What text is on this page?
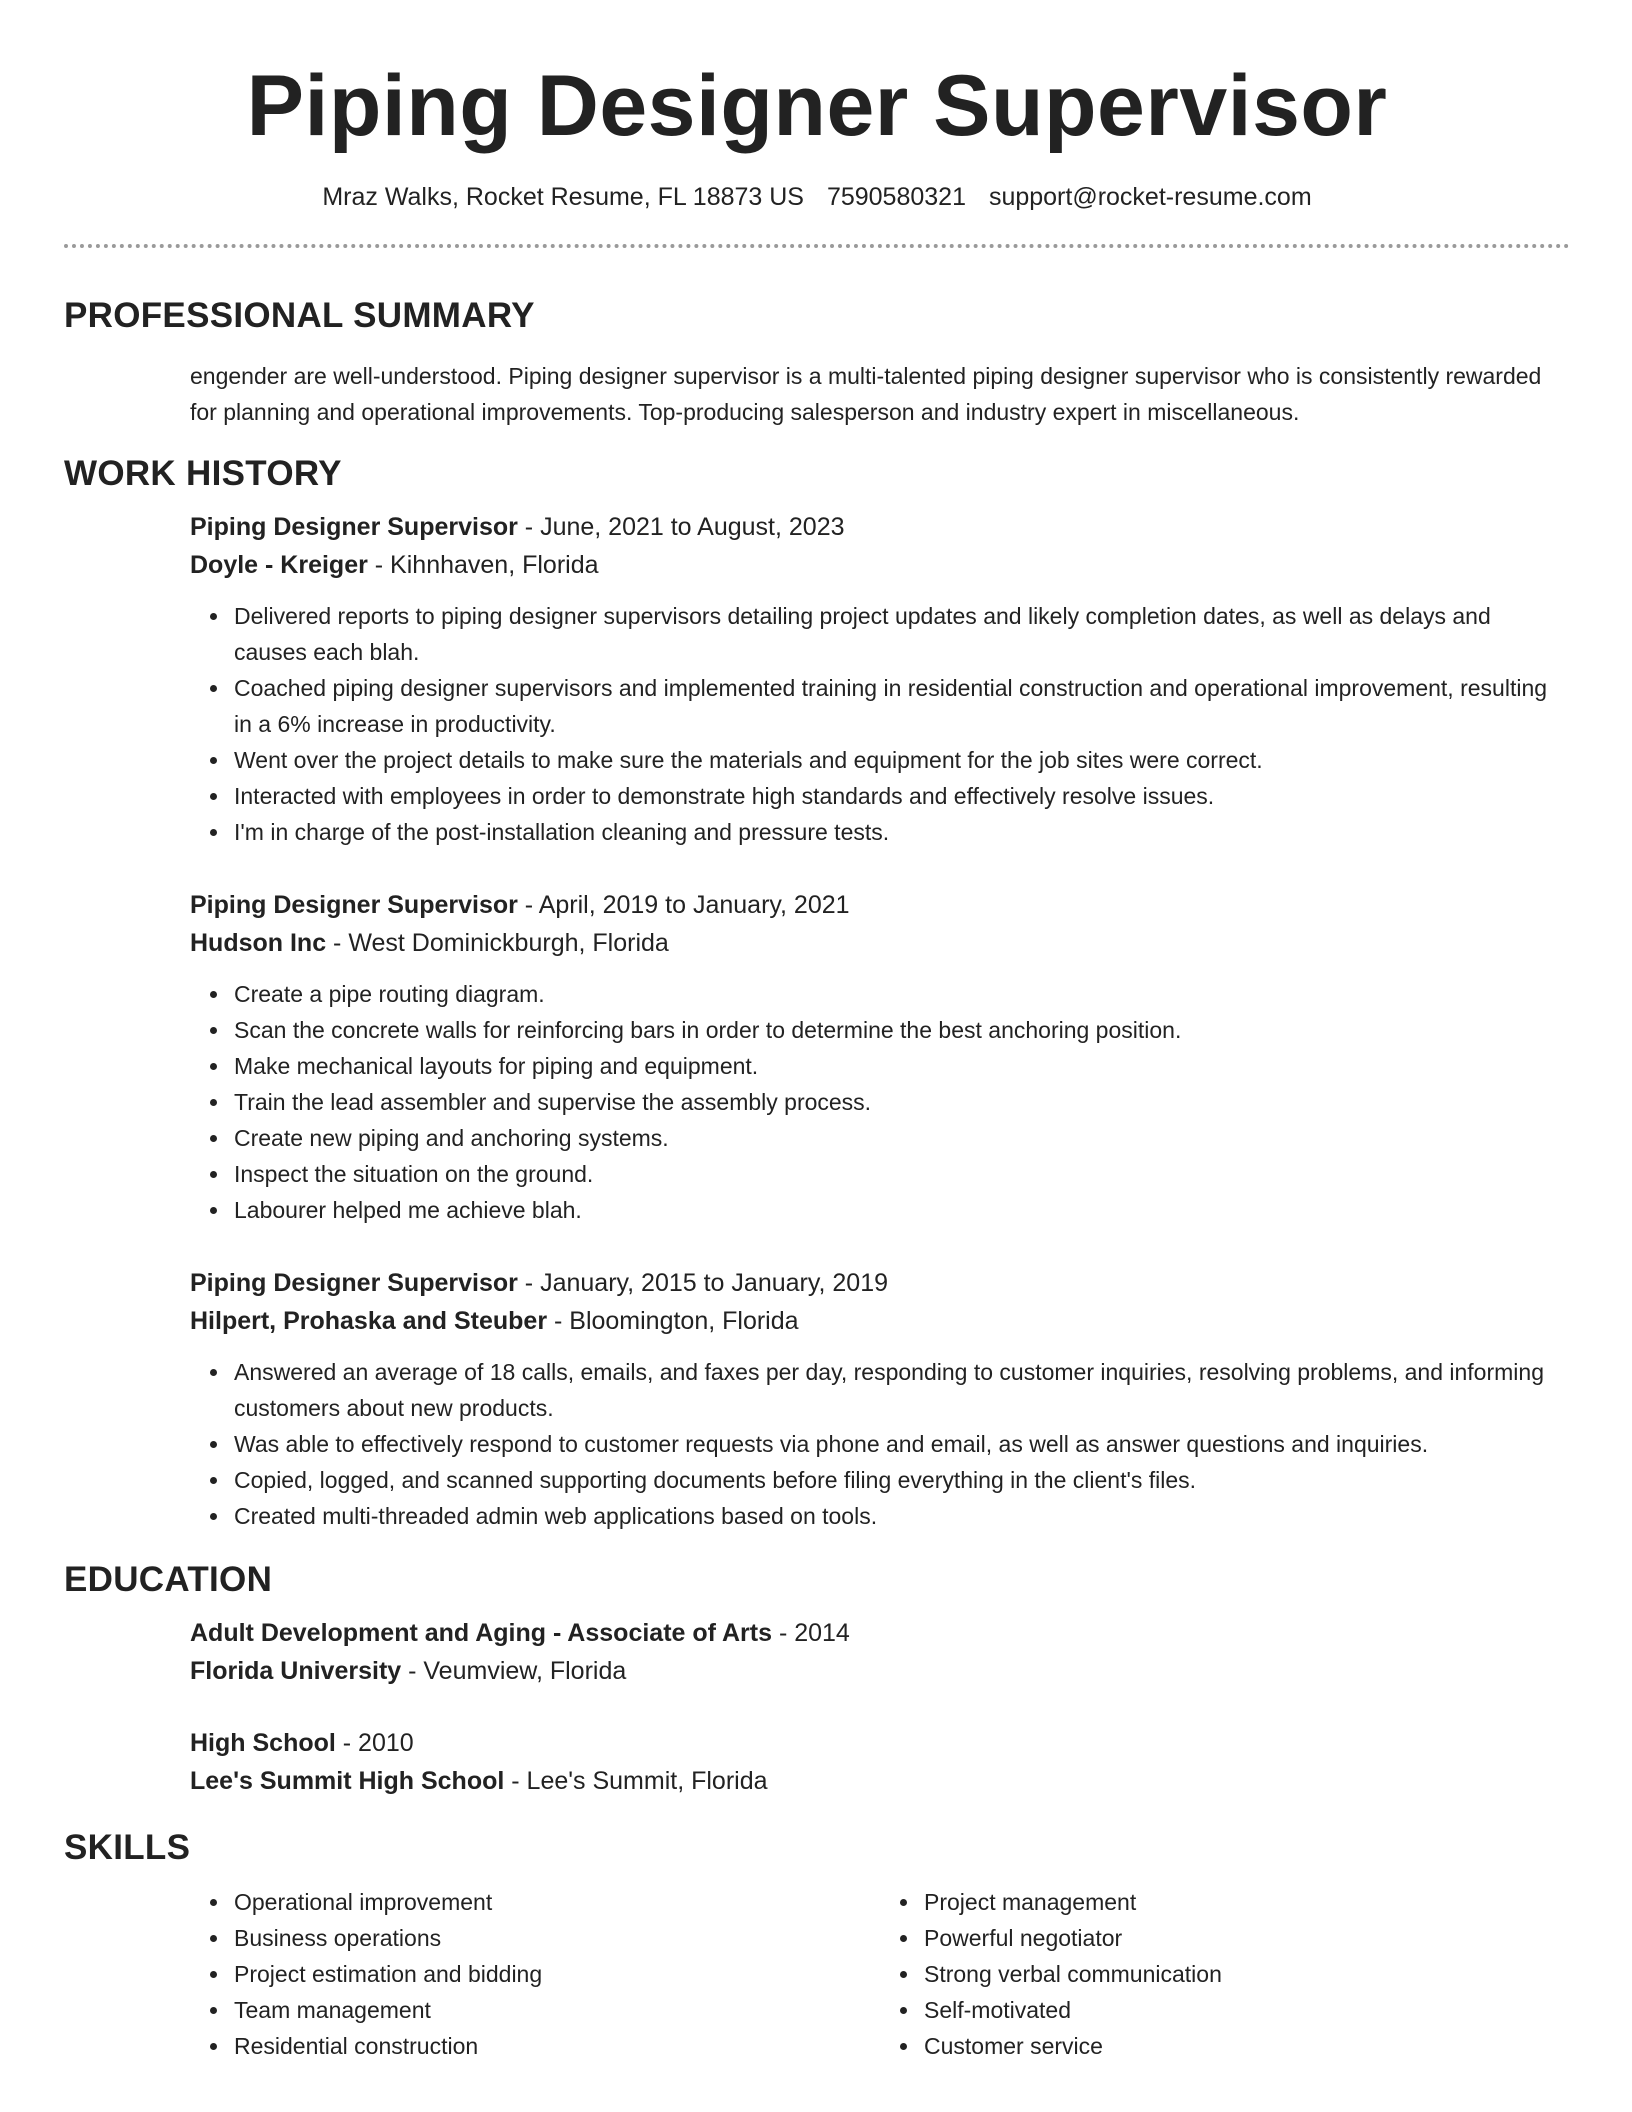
Piping Designer Supervisor
Mraz Walks, Rocket Resume, FL 18873 US 7590580321 support@rocket-resume.com
PROFESSIONAL SUMMARY

engender are well-understood. Piping designer supervisor is a multi-talented piping designer supervisor who is consistently rewarded for planning and operational improvements. Top-producing salesperson and industry expert in miscellaneous.

WORK HISTORY
Piping Designer Supervisor - June, 2021 to August, 2023
Doyle - Kreiger - Kihnhaven, Florida
Delivered reports to piping designer supervisors detailing project updates and likely completion dates, as well as delays and causes each blah.
Coached piping designer supervisors and implemented training in residential construction and operational improvement, resulting in a 6% increase in productivity.
Went over the project details to make sure the materials and equipment for the job sites were correct.
Interacted with employees in order to demonstrate high standards and effectively resolve issues.
I'm in charge of the post-installation cleaning and pressure tests.
Piping Designer Supervisor - April, 2019 to January, 2021
Hudson Inc - West Dominickburgh, Florida
Create a pipe routing diagram.
Scan the concrete walls for reinforcing bars in order to determine the best anchoring position.
Make mechanical layouts for piping and equipment.
Train the lead assembler and supervise the assembly process.
Create new piping and anchoring systems.
Inspect the situation on the ground.
Labourer helped me achieve blah.
Piping Designer Supervisor - January, 2015 to January, 2019
Hilpert, Prohaska and Steuber - Bloomington, Florida
Answered an average of 18 calls, emails, and faxes per day, responding to customer inquiries, resolving problems, and informing customers about new products.
Was able to effectively respond to customer requests via phone and email, as well as answer questions and inquiries.
Copied, logged, and scanned supporting documents before filing everything in the client's files.
Created multi-threaded admin web applications based on tools.
EDUCATION
Adult Development and Aging - Associate of Arts - 2014
Florida University - Veumview, Florida
High School - 2010
Lee's Summit High School - Lee's Summit, Florida
SKILLS
Operational improvement
Business operations
Project estimation and bidding
Team management
Residential construction
Project management
Powerful negotiator
Strong verbal communication
Self-motivated
Customer service
